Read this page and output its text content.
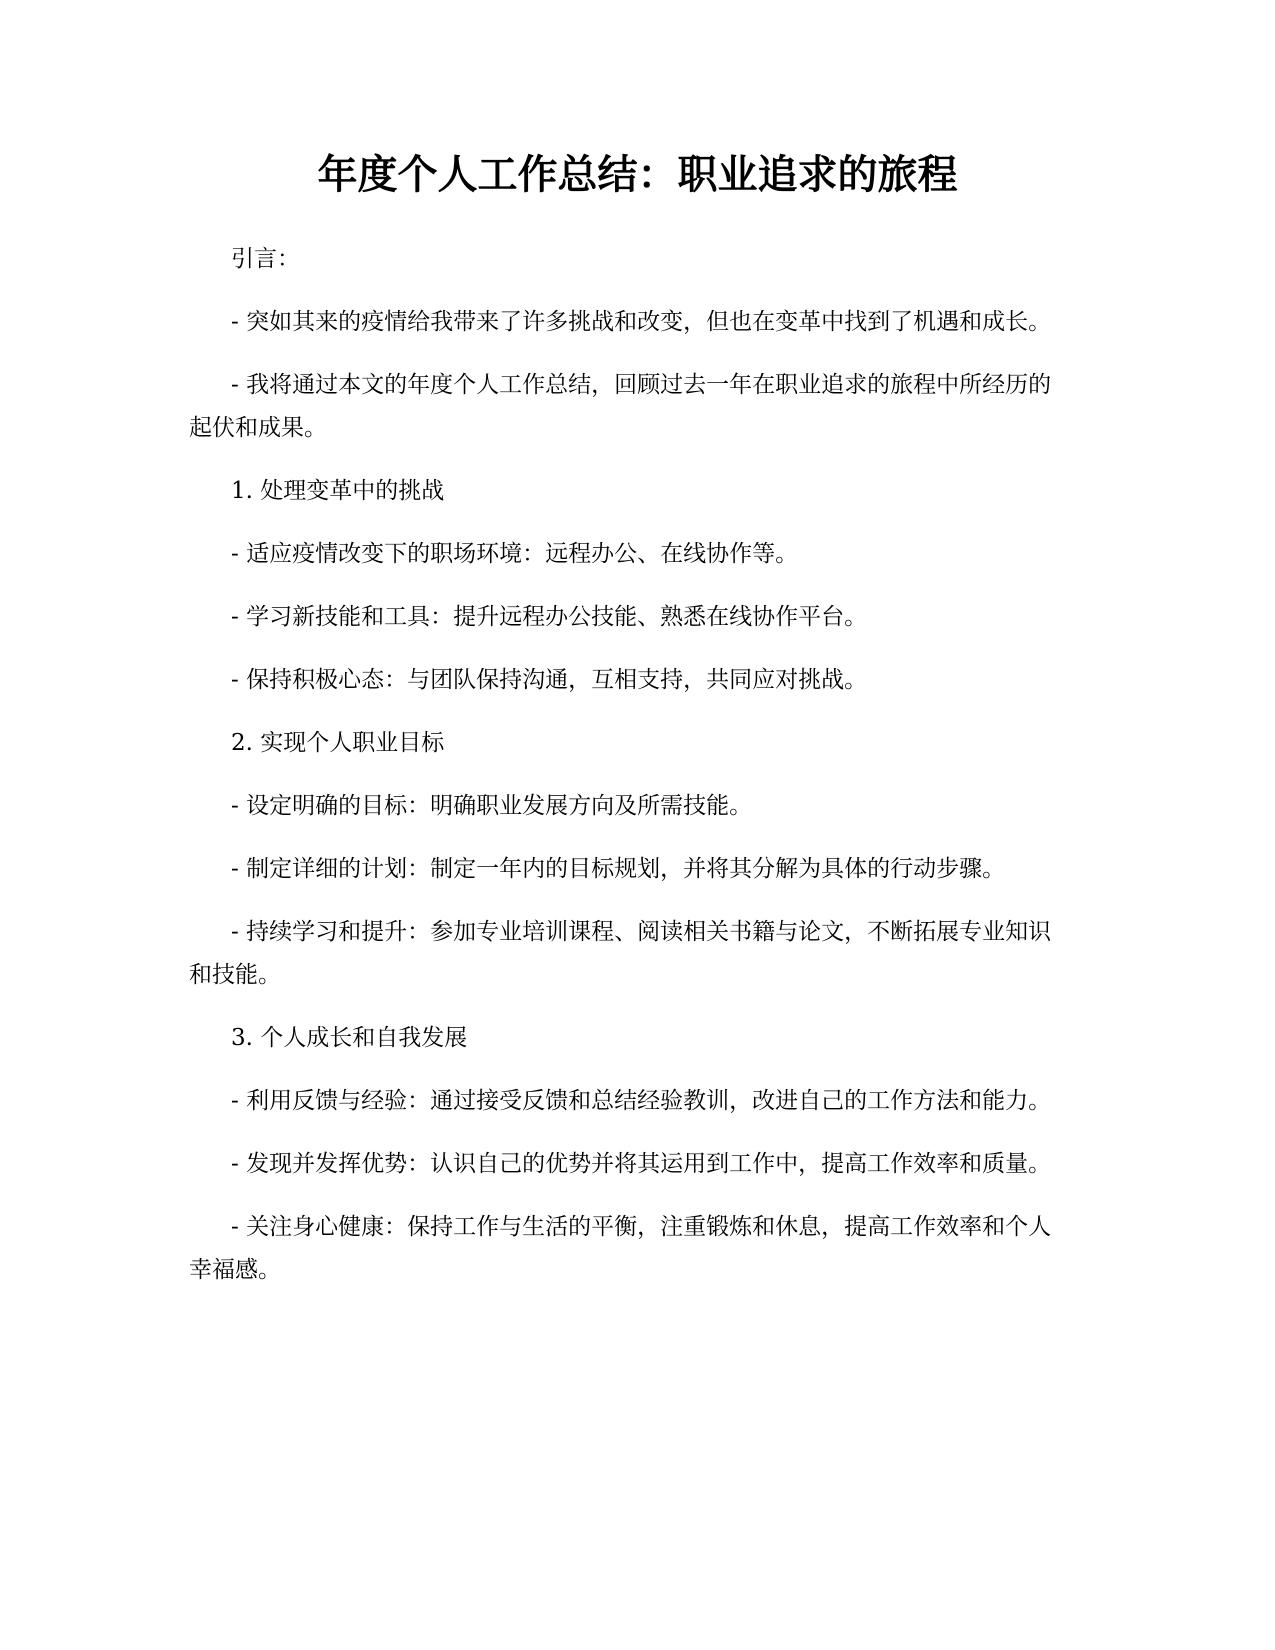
年度个人工作总结：职业追求的旅程

引言：

- 突如其来的疫情给我带来了许多挑战和改变，但也在变革中找到了机遇和成长。

- 我将通过本文的年度个人工作总结，回顾过去一年在职业追求的旅程中所经历的起伏和成果。

1. 处理变革中的挑战

- 适应疫情改变下的职场环境：远程办公、在线协作等。

- 学习新技能和工具：提升远程办公技能、熟悉在线协作平台。

- 保持积极心态：与团队保持沟通，互相支持，共同应对挑战。

2. 实现个人职业目标

- 设定明确的目标：明确职业发展方向及所需技能。

- 制定详细的计划：制定一年内的目标规划，并将其分解为具体的行动步骤。

- 持续学习和提升：参加专业培训课程、阅读相关书籍与论文，不断拓展专业知识和技能。

3. 个人成长和自我发展

- 利用反馈与经验：通过接受反馈和总结经验教训，改进自己的工作方法和能力。

- 发现并发挥优势：认识自己的优势并将其运用到工作中，提高工作效率和质量。

- 关注身心健康：保持工作与生活的平衡，注重锻炼和休息，提高工作效率和个人幸福感。
